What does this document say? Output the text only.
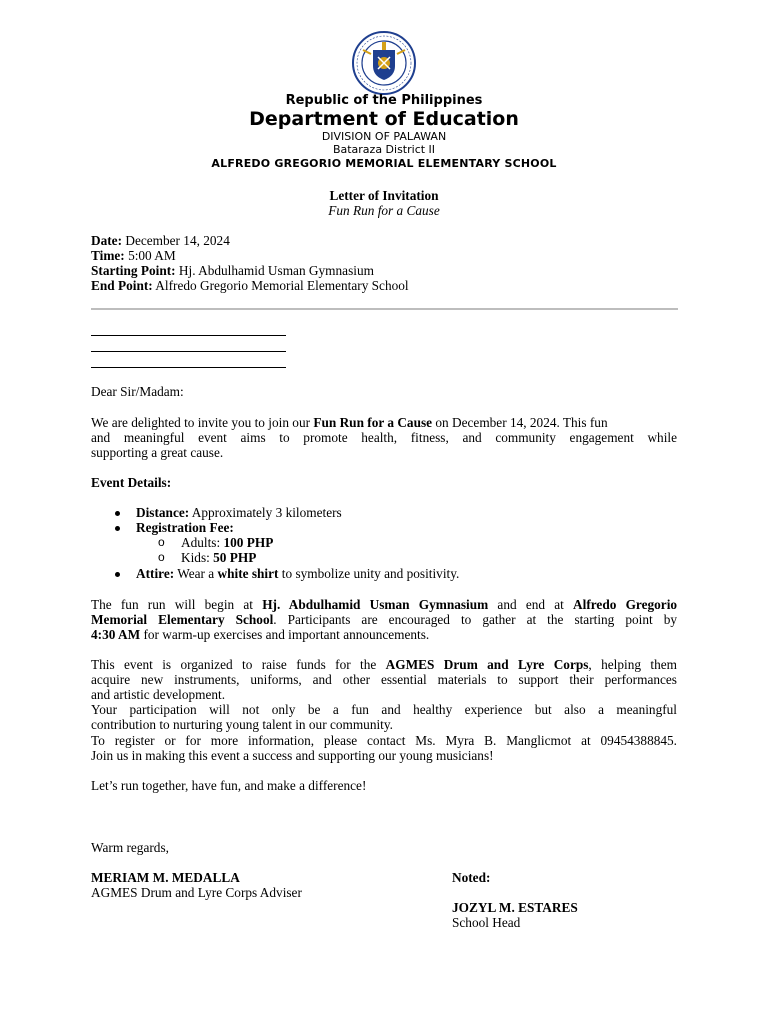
Republic of the Philippines
Department of Education
DIVISION OF PALAWAN
Bataraza District II
ALFREDO GREGORIO MEMORIAL ELEMENTARY SCHOOL
Letter of Invitation
Fun Run for a Cause
Date: December 14, 2024
Time: 5:00 AM
Starting Point: Hj. Abdulhamid Usman Gymnasium
End Point: Alfredo Gregorio Memorial Elementary School
Dear Sir/Madam:
We are delighted to invite you to join our Fun Run for a Cause on December 14, 2024. This fun
and meaningful event aims to promote health, fitness, and community engagement while
supporting a great cause.
Event Details:
Distance: Approximately 3 kilometers
Registration Fee:
o Adults: 100 PHP
o Kids: 50 PHP
Attire: Wear a white shirt to symbolize unity and positivity.
The fun run will begin at Hj. Abdulhamid Usman Gymnasium and end at Alfredo Gregorio
Memorial Elementary School. Participants are encouraged to gather at the starting point by
4:30 AM for warm-up exercises and important announcements.
This event is organized to raise funds for the AGMES Drum and Lyre Corps, helping them
acquire new instruments, uniforms, and other essential materials to support their performances
and artistic development.
Your participation will not only be a fun and healthy experience but also a meaningful
contribution to nurturing young talent in our community.
To register or for more information, please contact Ms. Myra B. Manglicmot at 09454388845.
Join us in making this event a success and supporting our young musicians!
Let’s run together, have fun, and make a difference!
Warm regards,
MERIAM M. MEDALLA
AGMES Drum and Lyre Corps Adviser
Noted:
JOZYL M. ESTARES
School Head
